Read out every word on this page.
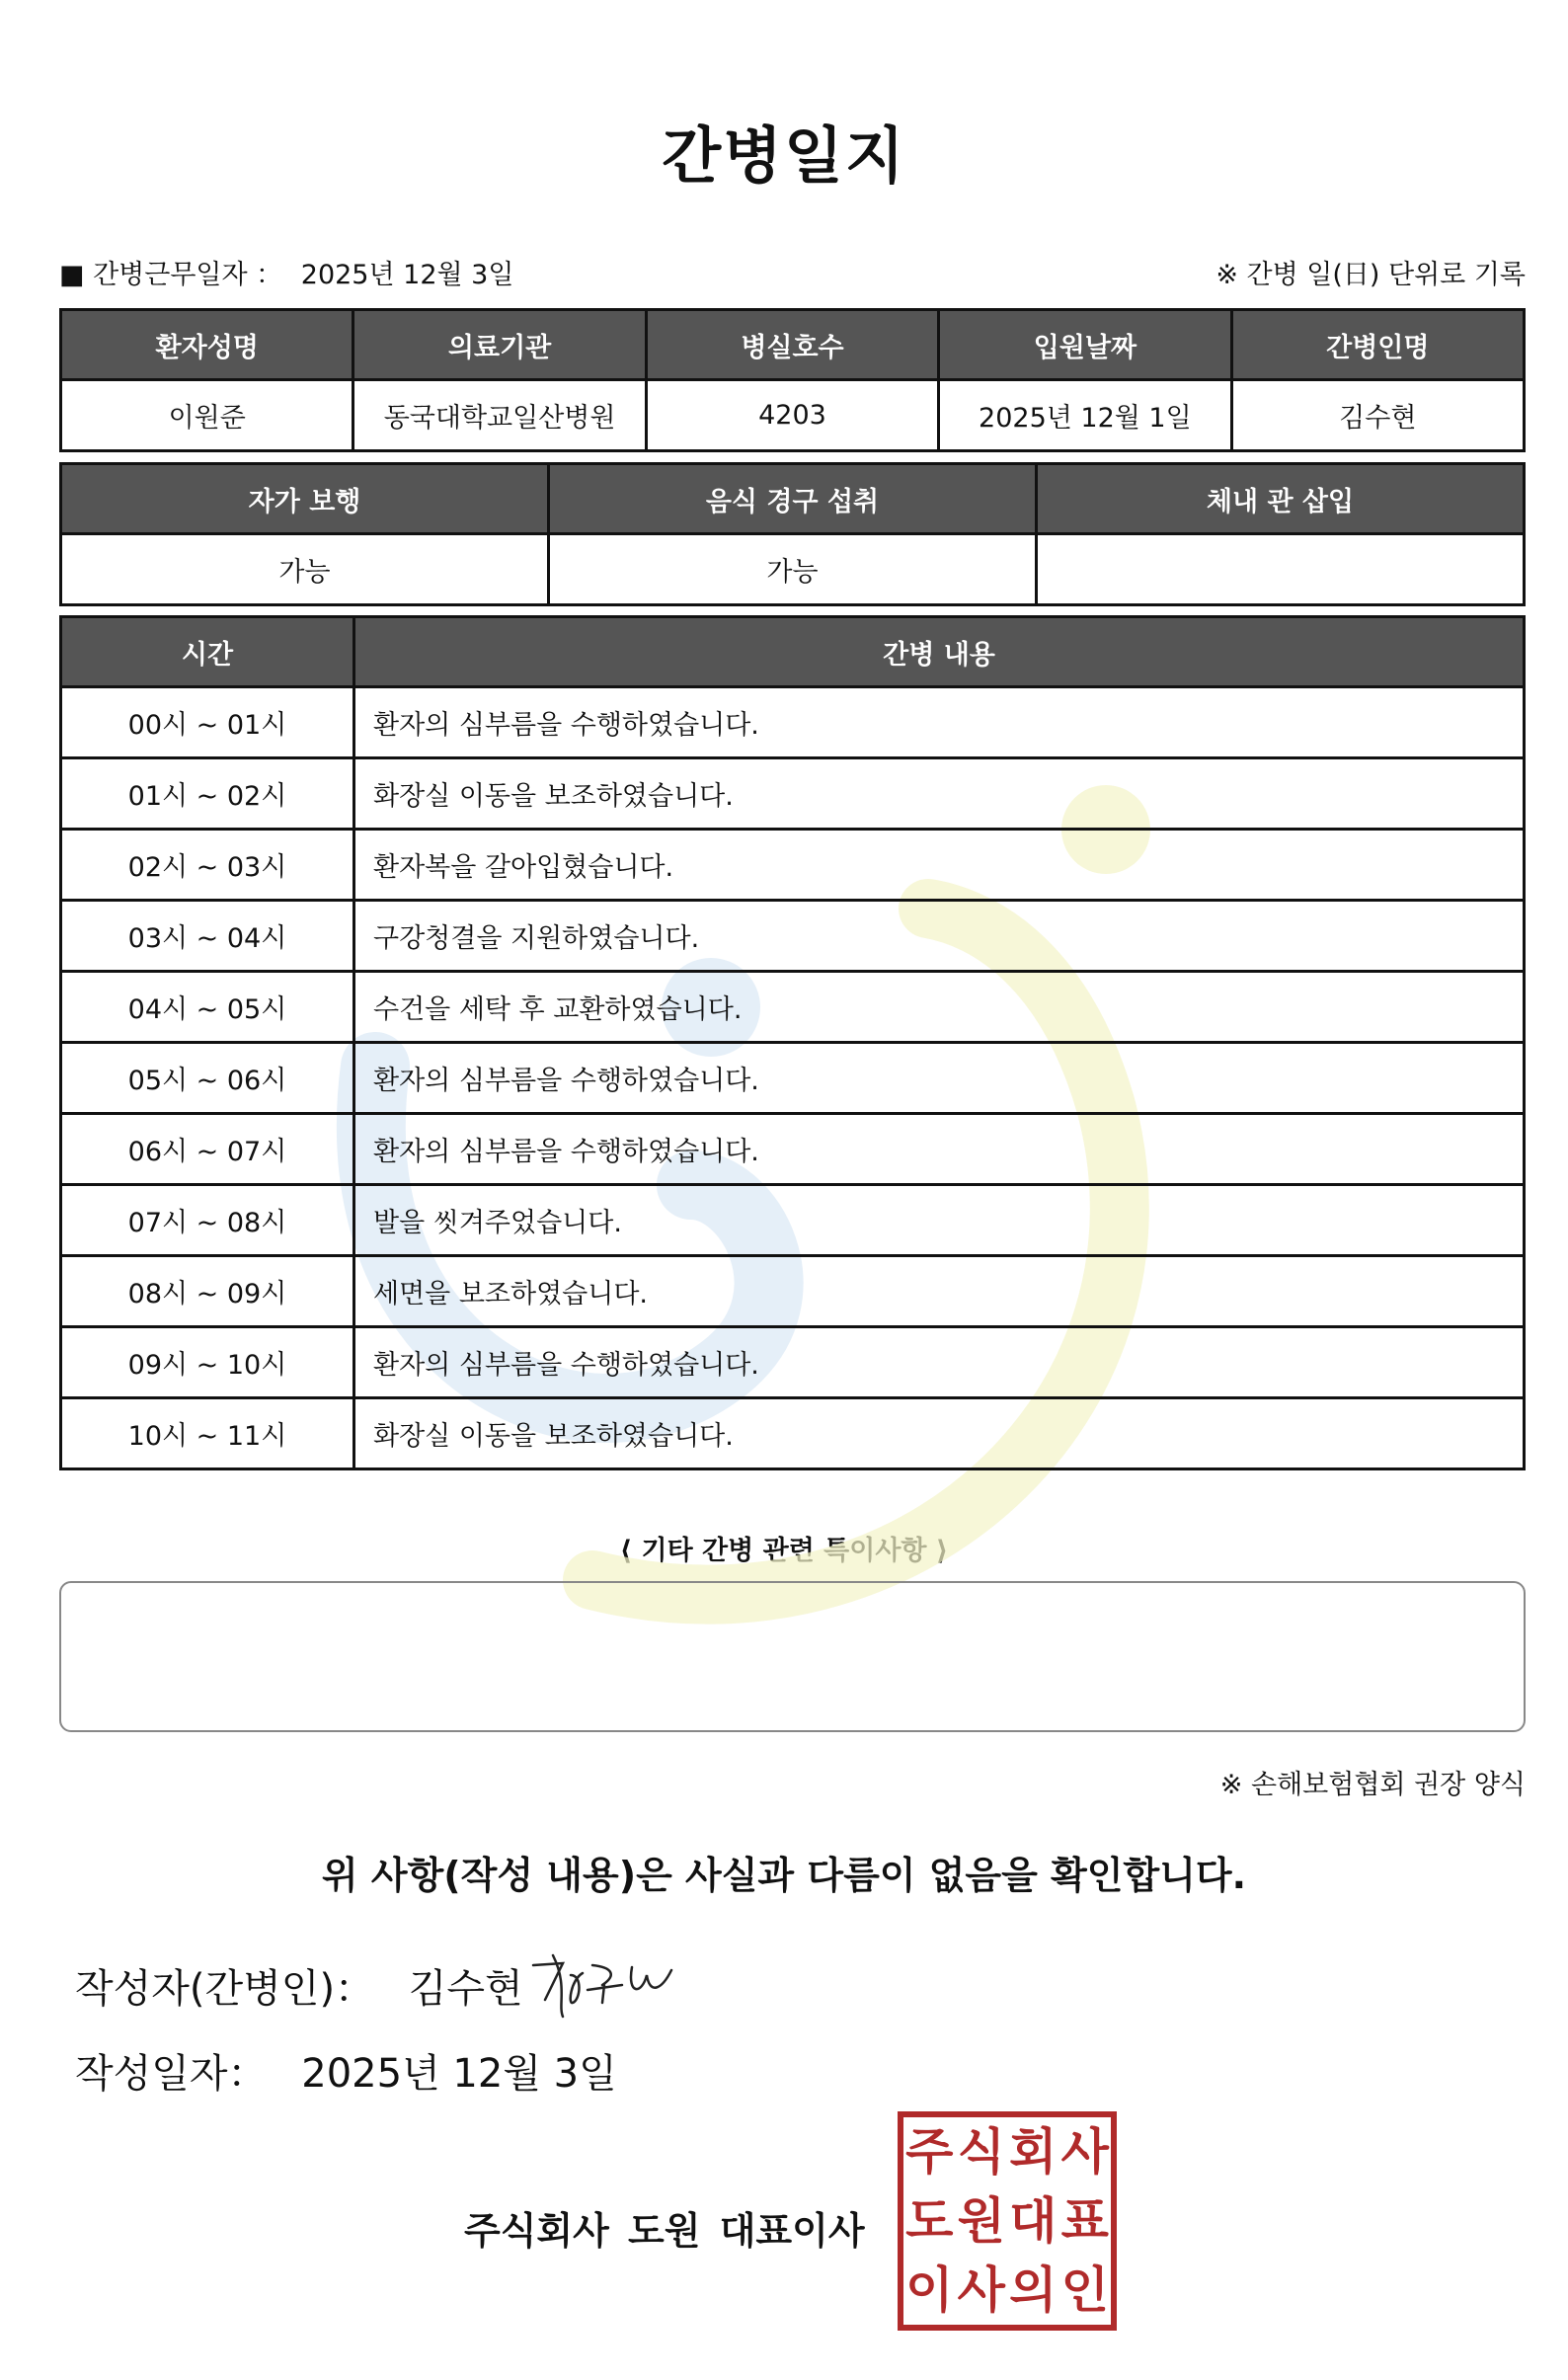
간병일지
■ 간병근무일자 ： 2025년 12월 3일	※ 간병 일(日) 단위로 기록
환자성명	의료기관	병실호수	입원날짜	간병인명
이원준	동국대학교일산병원	4203	2025년 12월 1일	김수현
자가 보행	음식 경구 섭취	체내 관 삽입
가능	가능	
시간	간병 내용
00시 ~ 01시	환자의 심부름을 수행하였습니다.
01시 ~ 02시	화장실 이동을 보조하였습니다.
02시 ~ 03시	환자복을 갈아입혔습니다.
03시 ~ 04시	구강청결을 지원하였습니다.
04시 ~ 05시	수건을 세탁 후 교환하였습니다.
05시 ~ 06시	환자의 심부름을 수행하였습니다.
06시 ~ 07시	환자의 심부름을 수행하였습니다.
07시 ~ 08시	발을 씻겨주었습니다.
08시 ~ 09시	세면을 보조하였습니다.
09시 ~ 10시	환자의 심부름을 수행하였습니다.
10시 ~ 11시	화장실 이동을 보조하였습니다.
⟨ 기타 간병 관련 특이사항 ⟩
※ 손해보험협회 권장 양식
위 사항(작성 내용)은 사실과 다름이 없음을 확인합니다.
작성자(간병인)： 김수현
작성일자： 2025년 12월 3일
주식회사 도원 대표이사
주 식 회 사
도 원 대 표
이 사 의 인
